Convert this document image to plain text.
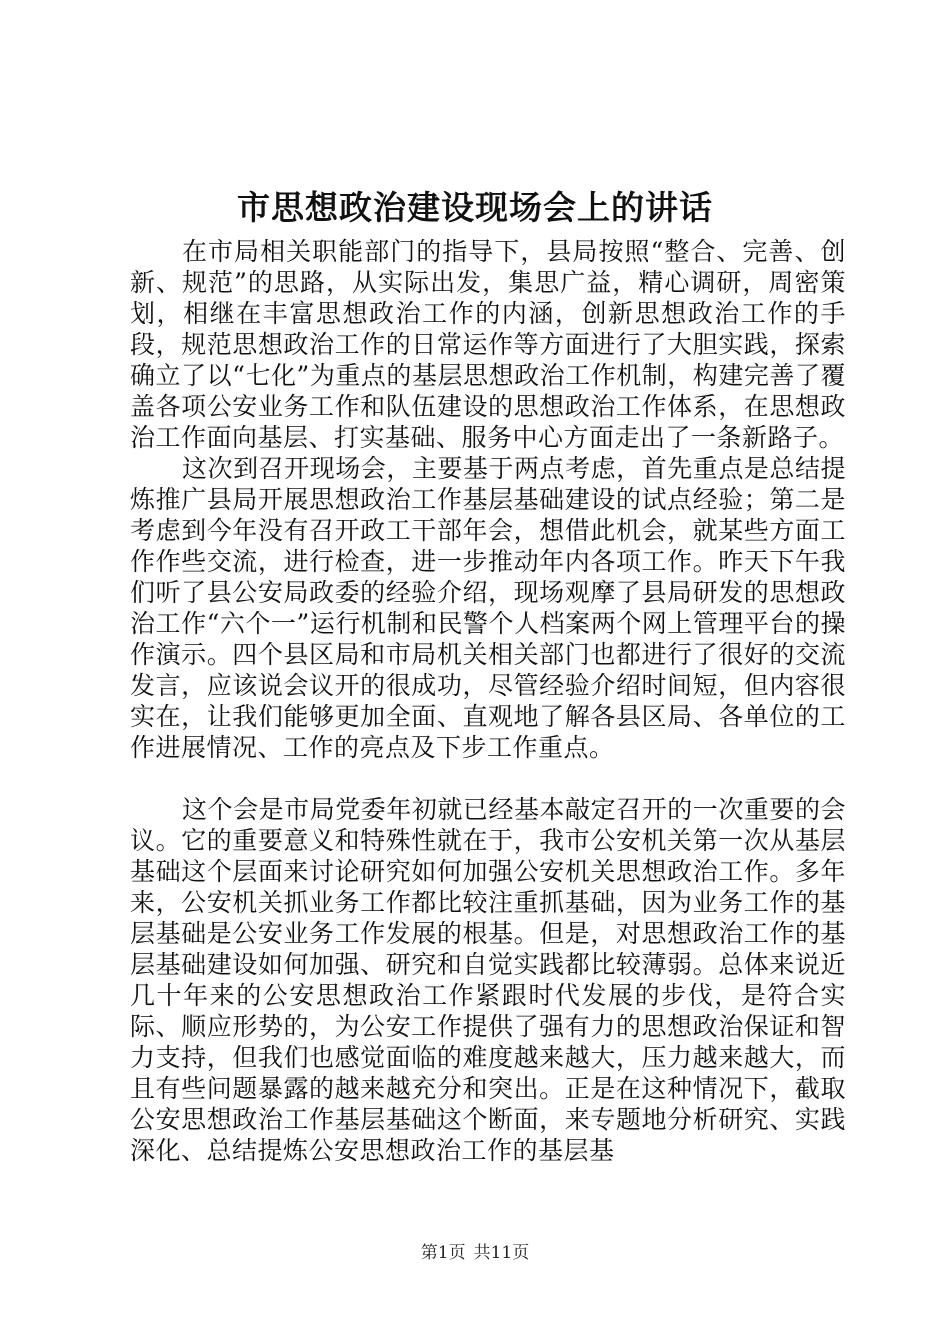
市思想政治建设现场会上的讲话

在市局相关职能部门的指导下，县局按照“整合、完善、创新、规范”的思路，从实际出发，集思广益，精心调研，周密策划，相继在丰富思想政治工作的内涵，创新思想政治工作的手段，规范思想政治工作的日常运作等方面进行了大胆实践，探索确立了以“七化”为重点的基层思想政治工作机制，构建完善了覆盖各项公安业务工作和队伍建设的思想政治工作体系，在思想政治工作面向基层、打实基础、服务中心方面走出了一条新路子。

这次到召开现场会，主要基于两点考虑，首先重点是总结提炼推广县局开展思想政治工作基层基础建设的试点经验；第二是考虑到今年没有召开政工干部年会，想借此机会，就某些方面工作作些交流，进行检查，进一步推动年内各项工作。昨天下午我们听了县公安局政委的经验介绍，现场观摩了县局研发的思想政治工作“六个一”运行机制和民警个人档案两个网上管理平台的操作演示。四个县区局和市局机关相关部门也都进行了很好的交流发言，应该说会议开的很成功，尽管经验介绍时间短，但内容很实在，让我们能够更加全面、直观地了解各县区局、各单位的工作进展情况、工作的亮点及下步工作重点。

这个会是市局党委年初就已经基本敲定召开的一次重要的会议。它的重要意义和特殊性就在于，我市公安机关第一次从基层基础这个层面来讨论研究如何加强公安机关思想政治工作。多年来，公安机关抓业务工作都比较注重抓基础，因为业务工作的基层基础是公安业务工作发展的根基。但是，对思想政治工作的基层基础建设如何加强、研究和自觉实践都比较薄弱。总体来说近几十年来的公安思想政治工作紧跟时代发展的步伐，是符合实际、顺应形势的，为公安工作提供了强有力的思想政治保证和智力支持，但我们也感觉面临的难度越来越大，压力越来越大，而且有些问题暴露的越来越充分和突出。正是在这种情况下，截取公安思想政治工作基层基础这个断面，来专题地分析研究、实践深化、总结提炼公安思想政治工作的基层基

第1页 共11页
